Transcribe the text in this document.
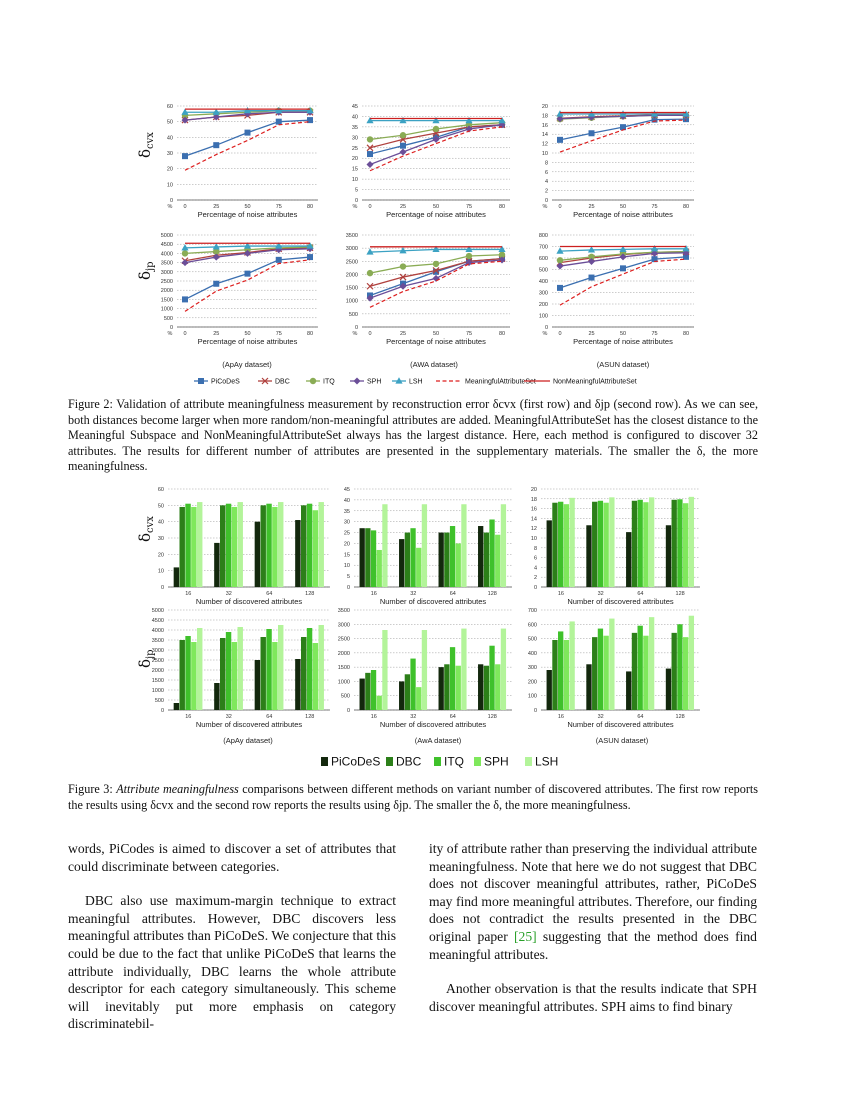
$\delta_{cvx}$
$\delta_{jp}$
0
10
20
30
40
50
60
0	25	50	75	80
%
Percentage of noise attributes
0
5
10
15
20
25
30
35
40
45
0	25	50	75	80
%
Percentage of noise attributes
0
2
4
6
8
10
12
14
16
18
20
0	25	50	75	80
%
Percentage of noise attributes
0
500
1000
1500
2000
2500
3000
3500
4000
4500
5000
0	25	50	75	80
%
Percentage of noise attributes
0
500
1000
1500
2000
2500
3000
3500
0	25	50	75	80
%
Percentage of noise attributes
0
100
200
300
400
500
600
700
800
0	25	50	75	80
%
Percentage of noise attributes
(ApAy dataset)	(AWA dataset)	(ASUN dataset)
PiCoDeS	DBC	ITQ	SPH	LSH	MeaningfulAttributeSet NonMeaningfulAttributeSet

Figure 2: Validation of attribute meaningfulness measurement by reconstruction error δcvx (first row) and δjp (second row). As we can see, both distances become larger when more random/non-meaningful attributes are added. MeaningfulAttributeSet has the closest distance to the Meaningful Subspace and NonMeaningfulAttributeSet always has the largest distance. Here, each method is configured to discover 32 attributes. The results for different number of attributes are presented in the supplementary materials. The smaller the δ, the more meaningfulness.

$\delta_{cvx}$
$\delta_{jp}$
0
10
20
30
40
50
60
16	32	64	128
Number of discovered attributes
0
5
10
15
20
25
30
35
40
45
16	32	64	128
Number of discovered attributes
0
2
4
6
8
10
12
14
16
18
20
16	32	64	128
Number of discovered attributes
0
500
1000
1500
2000
2500
3000
3500
4000
4500
5000
16	32	64	128
Number of discovered attributes
0
500
1000
1500
2000
2500
3000
3500
16	32	64	128
Number of discovered attributes
0
100
200
300
400
500
600
700
16	32	64	128
Number of discovered attributes
(ApAy dataset)	(AwA dataset)	(ASUN dataset)
PiCoDeS DBC ITQ SPH LSH

Figure 3: Attribute meaningfulness comparisons between different methods on variant number of discovered attributes. The first row reports the results using δcvx and the second row reports the results using δjp. The smaller the δ, the more meaningfulness.

words, PiCodes is aimed to discover a set of attributes that could discriminate between categories.

DBC also use maximum-margin technique to extract meaningful attributes. However, DBC discovers less meaningful attributes than PiCoDeS. We conjecture that this could be due to the fact that unlike PiCoDeS that learns the attribute individually, DBC learns the whole attribute descriptor for each category simultaneously. This scheme will inevitably put more emphasis on category discriminatebil-

ity of attribute rather than preserving the individual attribute meaningfulness. Note that here we do not suggest that DBC does not discover meaningful attributes, rather, PiCoDeS may find more meaningful attributes. Therefore, our finding does not contradict the results presented in the DBC original paper [25] suggesting that the method does find meaningful attributes.

Another observation is that the results indicate that SPH discover meaningful attributes. SPH aims to find binary
